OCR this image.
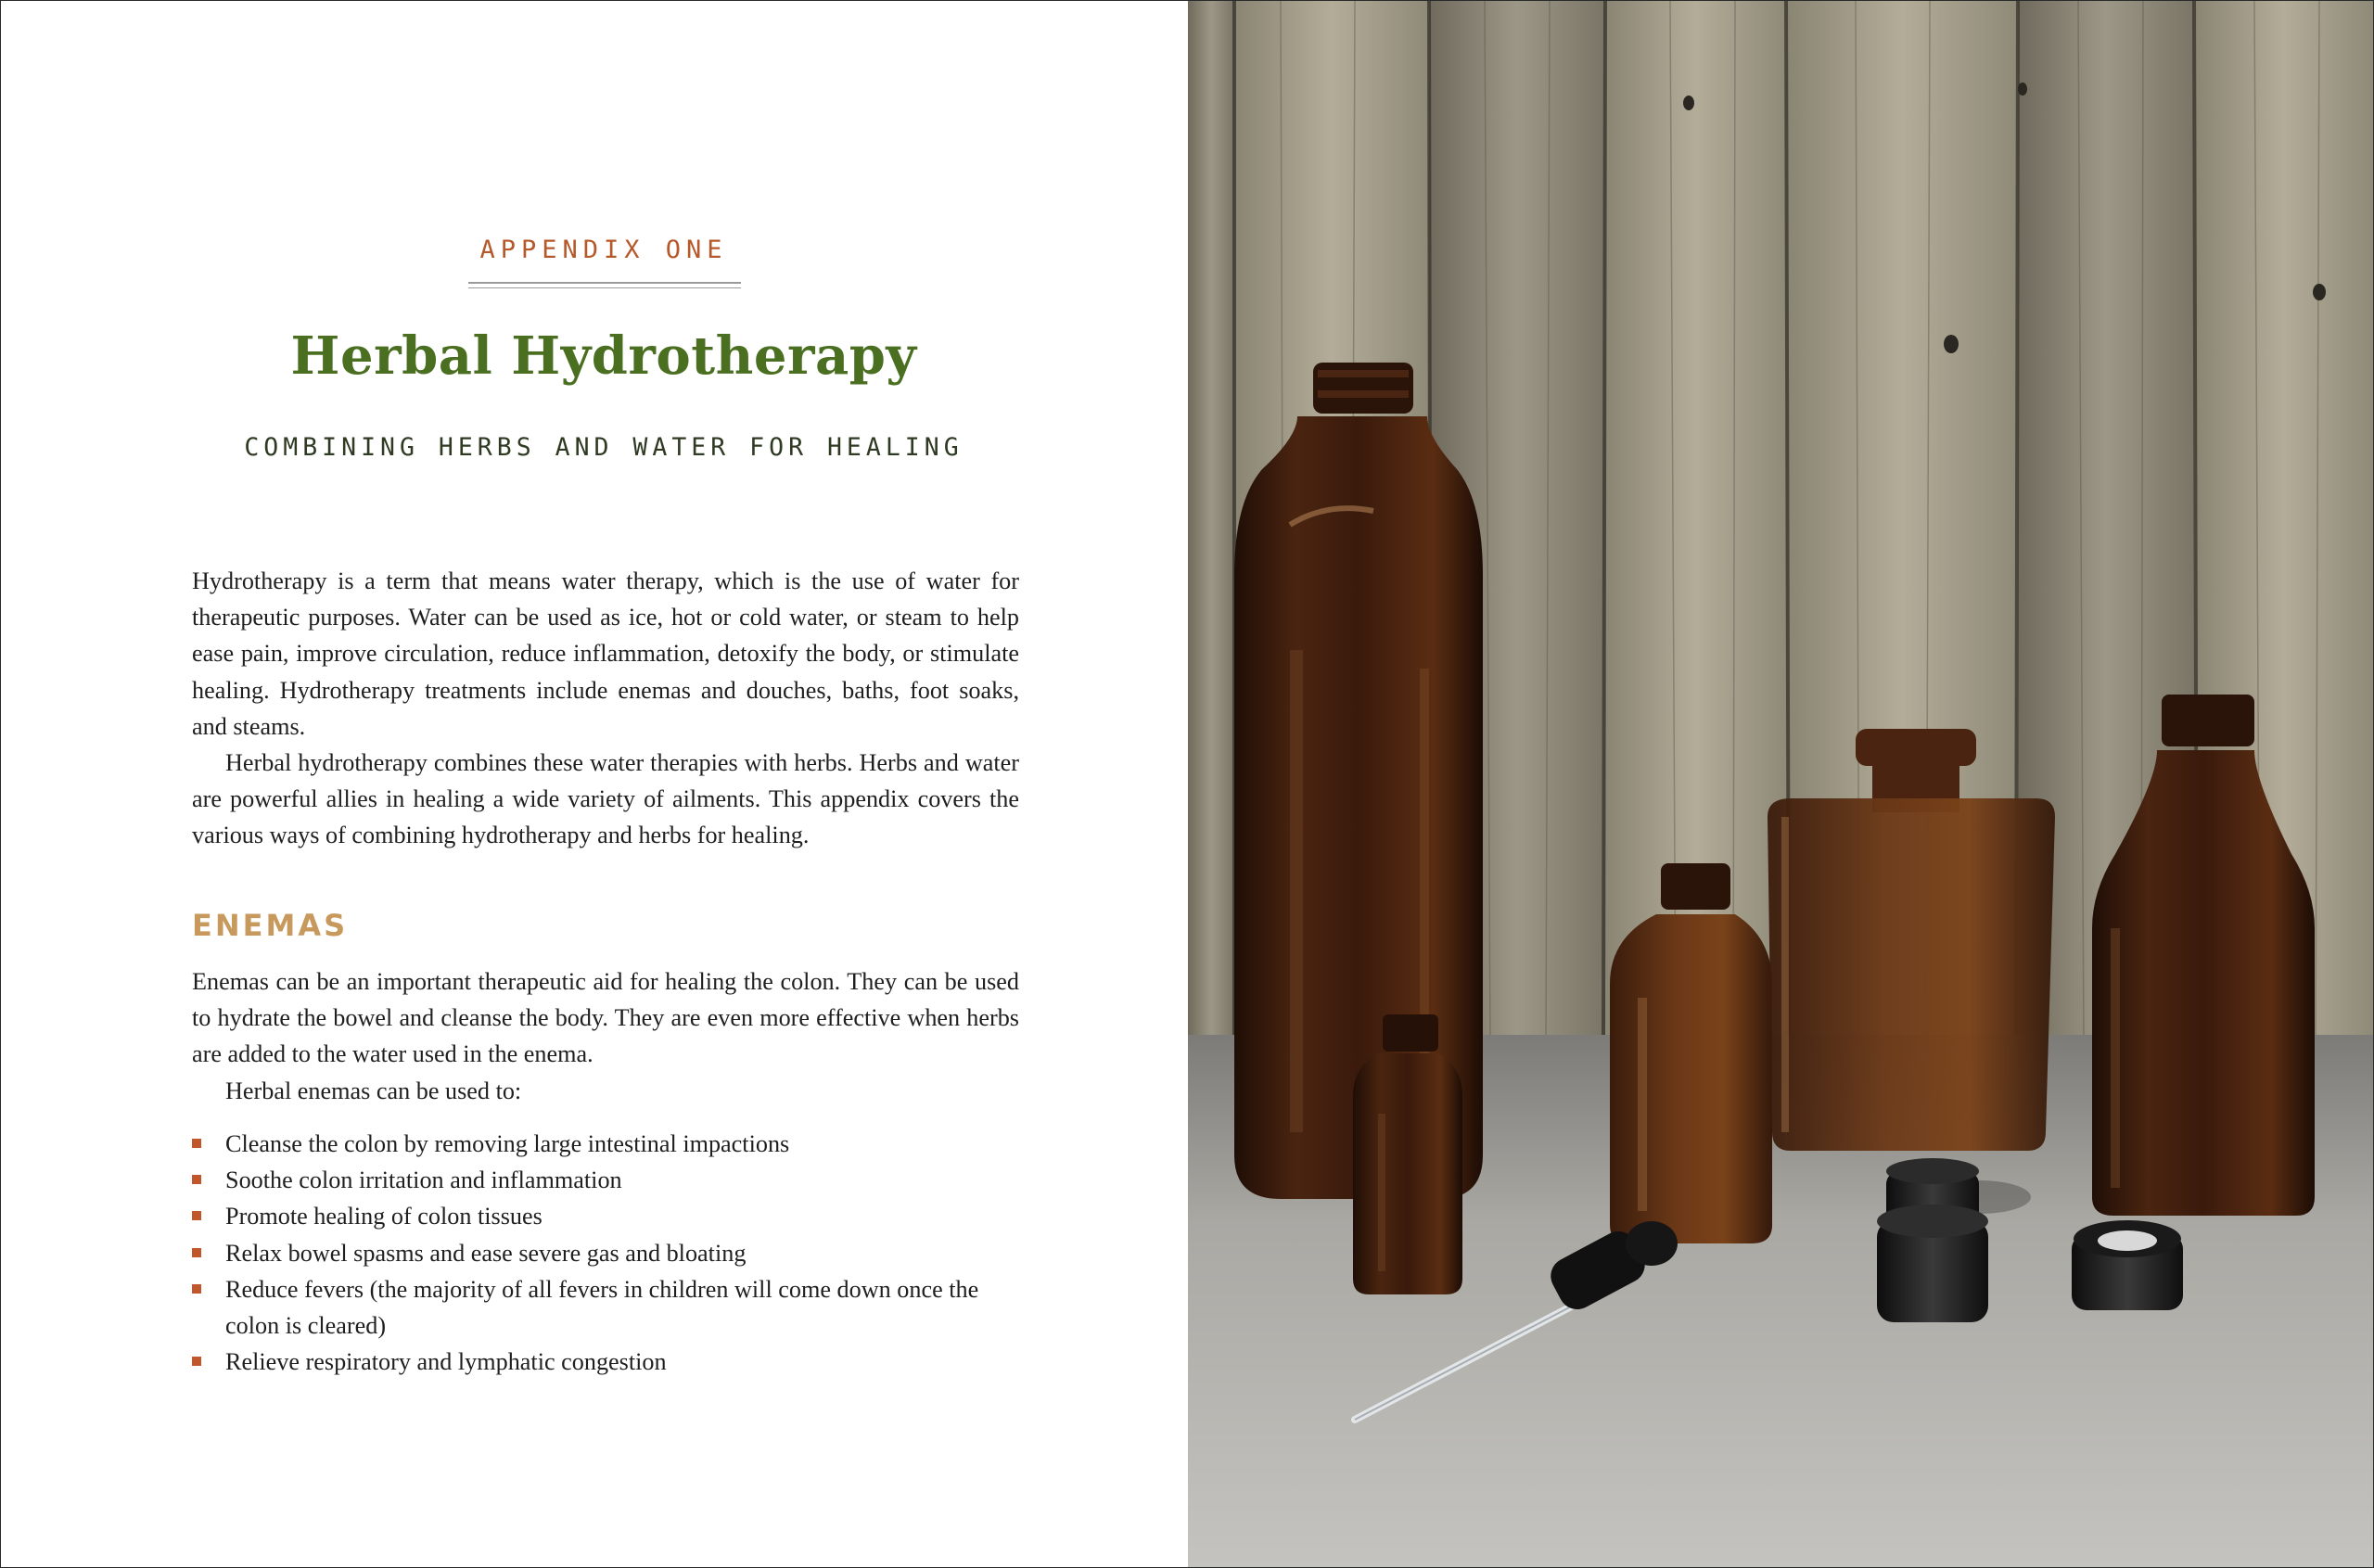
APPENDIX ONE
Herbal Hydrotherapy
COMBINING HERBS AND WATER FOR HEALING

Hydrotherapy is a term that means water therapy, which is the use of water for therapeutic purposes. Water can be used as ice, hot or cold water, or steam to help ease pain, improve circulation, reduce inflammation, detoxify the body, or stimulate healing. Hydrotherapy treatments include enemas and douches, baths, foot soaks, and steams.

Herbal hydrotherapy combines these water therapies with herbs. Herbs and water are powerful allies in healing a wide variety of ailments. This appendix covers the various ways of combining hydrotherapy and herbs for healing.

ENEMAS

Enemas can be an important therapeutic aid for healing the colon. They can be used to hydrate the bowel and cleanse the body. They are even more effective when herbs are added to the water used in the enema.

Herbal enemas can be used to:

Cleanse the colon by removing large intestinal impactions
Soothe colon irritation and inflammation
Promote healing of colon tissues
Relax bowel spasms and ease severe gas and bloating
Reduce fevers (the majority of all fevers in children will come down once the colon is cleared)
Relieve respiratory and lymphatic congestion
